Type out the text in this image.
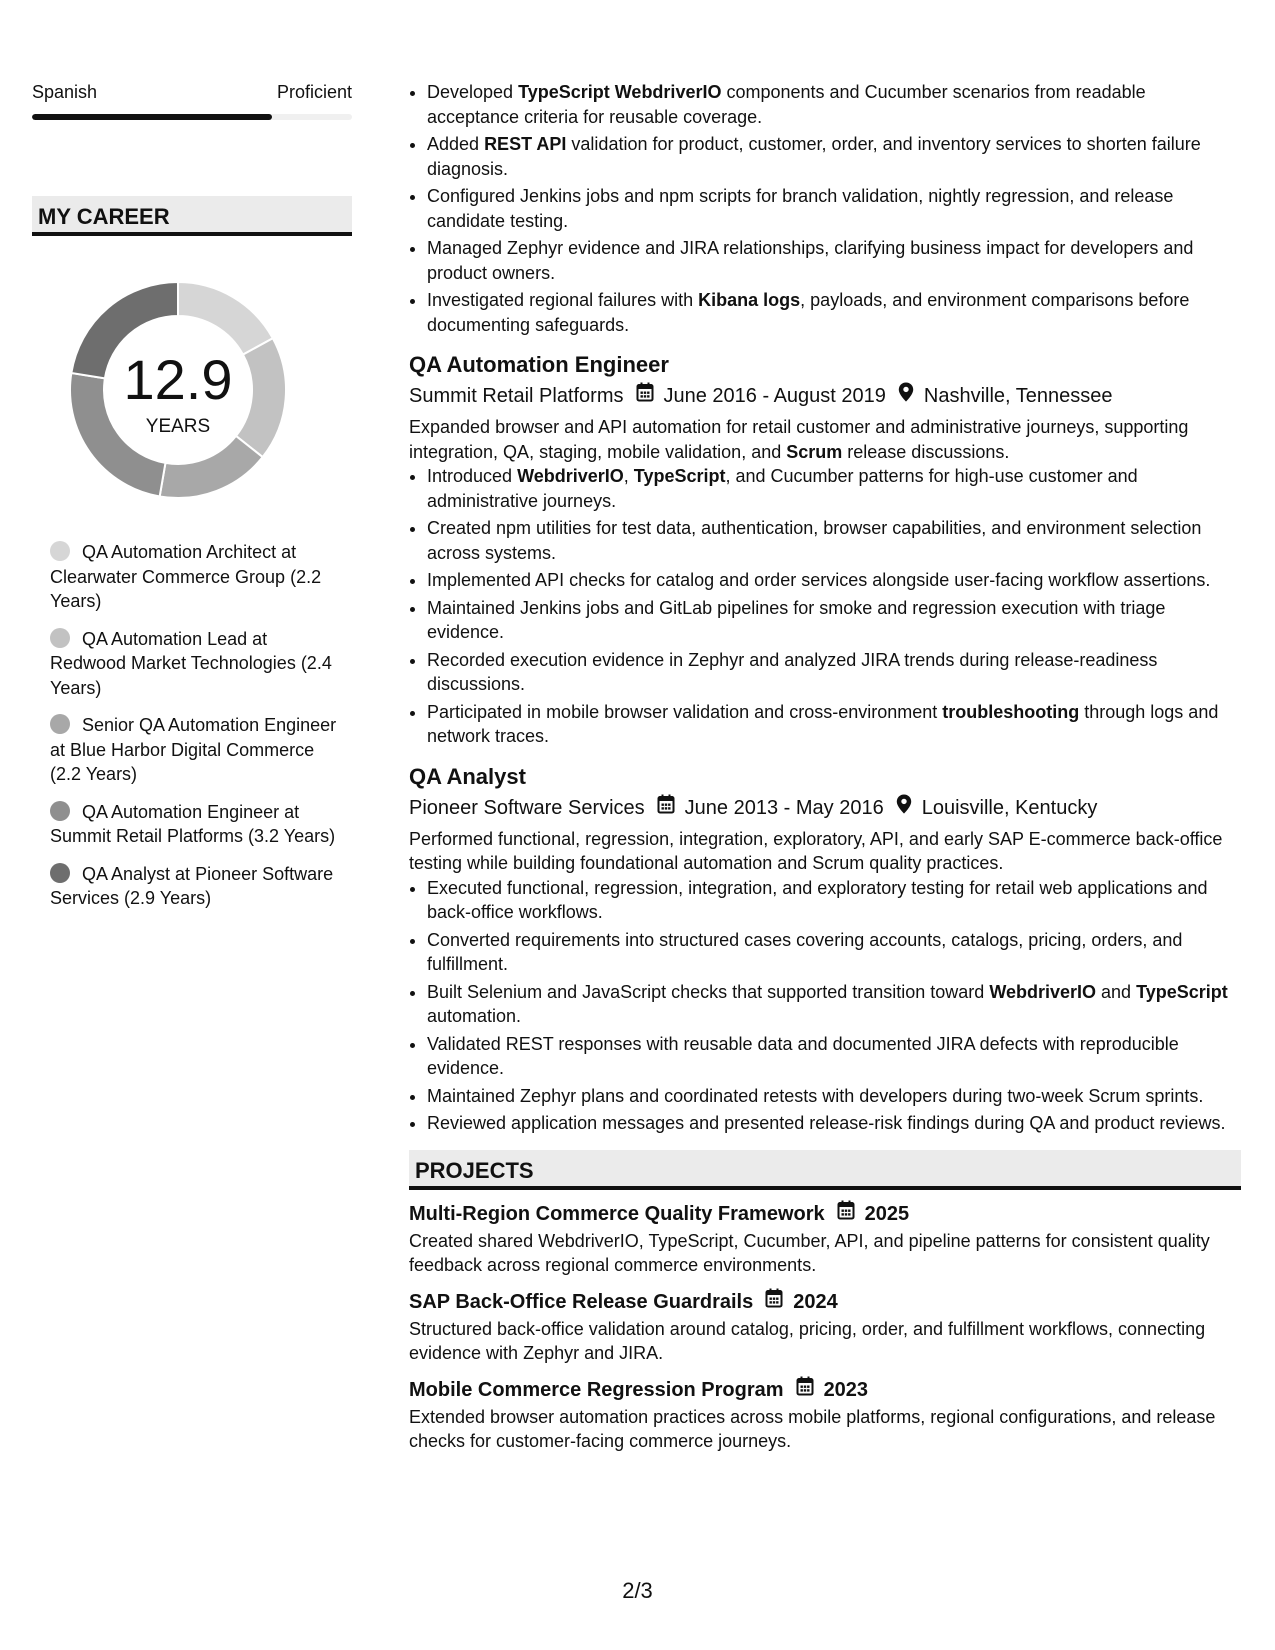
Spanish	Proficient
MY CAREER
12.9
YEARS
QA Automation Architect at Clearwater Commerce Group (2.2 Years)
QA Automation Lead at Redwood Market Technologies (2.4 Years)
Senior QA Automation Engineer at Blue Harbor Digital Commerce (2.2 Years)
QA Automation Engineer at Summit Retail Platforms (3.2 Years)
QA Analyst at Pioneer Software Services (2.9 Years)
• Developed TypeScript WebdriverIO components and Cucumber scenarios from readable acceptance criteria for reusable coverage.
• Added REST API validation for product, customer, order, and inventory services to shorten failure diagnosis.
• Configured Jenkins jobs and npm scripts for branch validation, nightly regression, and release candidate testing.
• Managed Zephyr evidence and JIRA relationships, clarifying business impact for developers and product owners.
• Investigated regional failures with Kibana logs, payloads, and environment comparisons before documenting safeguards.
QA Automation Engineer
Summit Retail Platforms June 2016 - August 2019 Nashville, Tennessee
Expanded browser and API automation for retail customer and administrative journeys, supporting integration, QA, staging, mobile validation, and Scrum release discussions.
• Introduced WebdriverIO, TypeScript, and Cucumber patterns for high-use customer and administrative journeys.
• Created npm utilities for test data, authentication, browser capabilities, and environment selection across systems.
• Implemented API checks for catalog and order services alongside user-facing workflow assertions.
• Maintained Jenkins jobs and GitLab pipelines for smoke and regression execution with triage evidence.
• Recorded execution evidence in Zephyr and analyzed JIRA trends during release-readiness discussions.
• Participated in mobile browser validation and cross-environment troubleshooting through logs and network traces.
QA Analyst
Pioneer Software Services June 2013 - May 2016 Louisville, Kentucky
Performed functional, regression, integration, exploratory, API, and early SAP E-commerce back-office testing while building foundational automation and Scrum quality practices.
• Executed functional, regression, integration, and exploratory testing for retail web applications and back-office workflows.
• Converted requirements into structured cases covering accounts, catalogs, pricing, orders, and fulfillment.
• Built Selenium and JavaScript checks that supported transition toward WebdriverIO and TypeScript automation.
• Validated REST responses with reusable data and documented JIRA defects with reproducible evidence.
• Maintained Zephyr plans and coordinated retests with developers during two-week Scrum sprints.
• Reviewed application messages and presented release-risk findings during QA and product reviews.
PROJECTS
Multi-Region Commerce Quality Framework 2025
Created shared WebdriverIO, TypeScript, Cucumber, API, and pipeline patterns for consistent quality feedback across regional commerce environments.
SAP Back-Office Release Guardrails 2024
Structured back-office validation around catalog, pricing, order, and fulfillment workflows, connecting evidence with Zephyr and JIRA.
Mobile Commerce Regression Program 2023
Extended browser automation practices across mobile platforms, regional configurations, and release checks for customer-facing commerce journeys.
2/3
